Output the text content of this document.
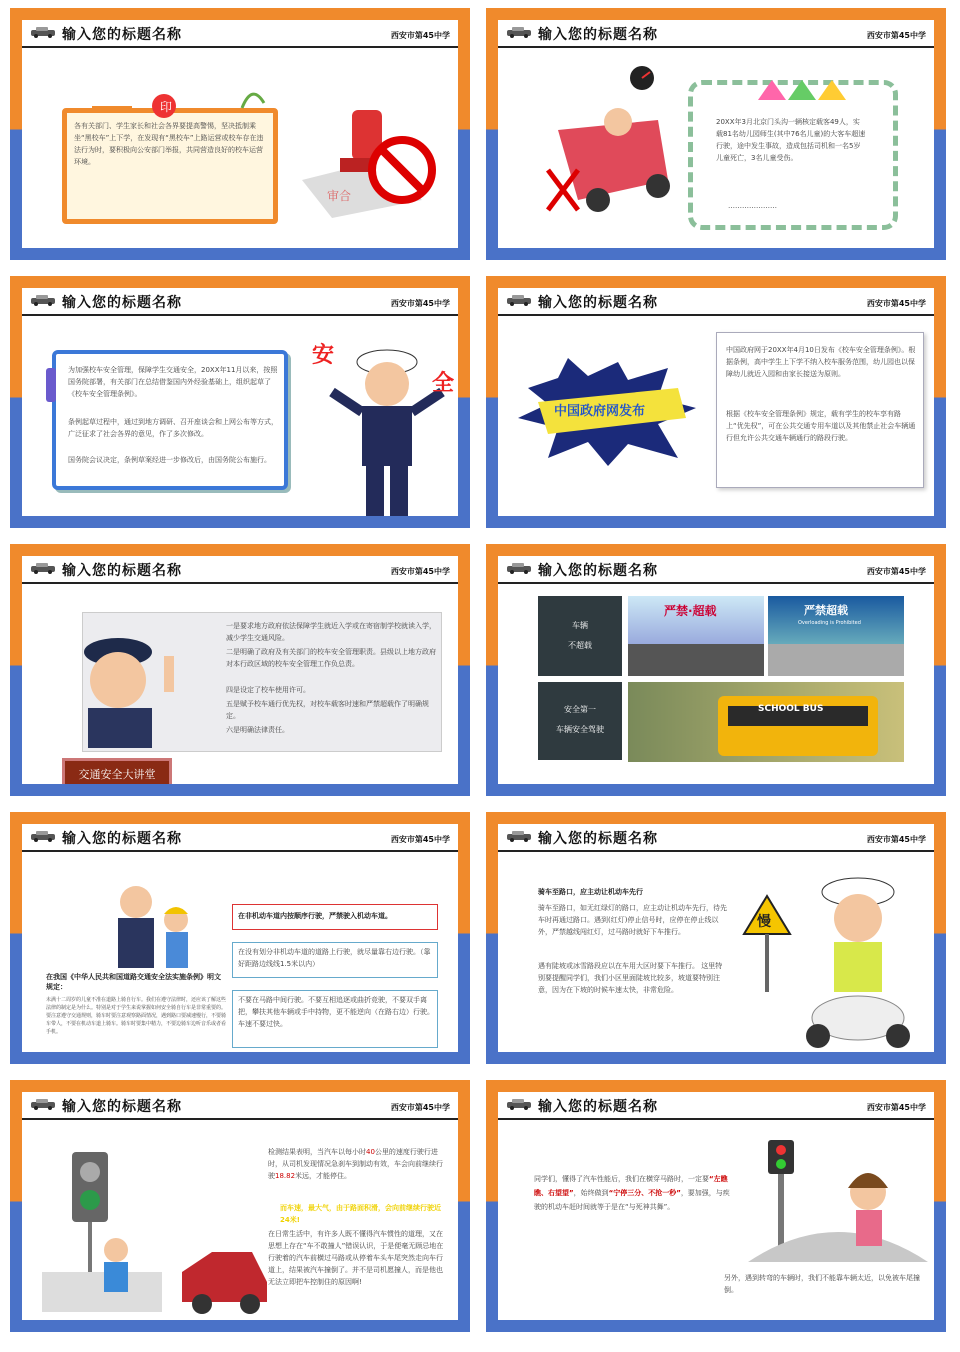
输入您的标题名称	西安市第45中学
印
各有关部门、学生家长和社会各界要提高警惕，坚决抵制乘坐“黑校车”上下学，在发现有“黑校车”上路运营或校车存在违法行为时，要积极向公安部门举报，共同营造良好的校车运营环境。
审合
输入您的标题名称	西安市第45中学
20XX年3月北京门头沟一辆核定载客49人，实载81名幼儿园师生(其中76名儿童)的大客车超速行驶，途中发生事故，造成包括司机和一名5岁儿童死亡，3名儿童受伤。
…………………
输入您的标题名称	西安市第45中学
为加强校车安全管理，保障学生交通安全，20XX年11月以来，按照国务院部署，有关部门在总结借鉴国内外经验基础上，组织起草了《校车安全管理条例》。
条例起草过程中，通过到地方调研、召开座谈会和上网公布等方式，广泛征求了社会各界的意见，作了多次修改。
国务院会议决定，条例草案经进一步修改后，由国务院公布施行。
安
全
输入您的标题名称	西安市第45中学
中国政府网发布
中国政府网于20XX年4月10日发布《校车安全管理条例》。根据条例，高中学生上下学不纳入校车服务范围，幼儿园也以保障幼儿就近入园和由家长接送为原则。
根据《校车安全管理条例》规定，载有学生的校车享有路上“优先权”，可在公共交通专用车道以及其他禁止社会车辆通行但允许公共交通车辆通行的路段行驶。
输入您的标题名称	西安市第45中学
一是要求地方政府依法保障学生就近入学或在寄宿制学校就读入学，减少学生交通风险。
二是明确了政府及有关部门的校车安全管理职责。县级以上地方政府对本行政区域的校车安全管理工作负总责。
四是设定了校车使用许可。
五是赋予校车通行优先权，对校车载客时速和严禁超载作了明确规定。
六是明确法律责任。
交通安全大讲堂
输入您的标题名称	西安市第45中学
车辆
不超载
安全第一
车辆安全驾驶
严禁·超载	严禁超载
Overloading is Prohibited
SCHOOL BUS
输入您的标题名称	西安市第45中学
在我国《中华人民共和国道路交通安全法实施条例》明文规定：
未满十二周岁的儿童不准在道路上骑自行车。我们在遵守法律时，还应该了解这些法律的制定是为什么。特别是对于学生来说掌握如何安全骑自行车是非常重要的。要注意遵守交通规则，骑车时要注意观察路面情况，遇到路口要减速慢行，不要骑车带人，不要在机动车道上骑车。骑车时要集中精力，不要边骑车边听音乐或者看手机。
在非机动车道内按顺序行驶，严禁驶入机动车道。
在没有划分非机动车道的道路上行驶，就尽量靠右边行驶。（靠好距路边线线1.5米以内）
不要在马路中间行驶。不要互相追逐或曲折竞驶，不要双手离把，攀扶其他车辆或手中持物，更不能逆向（在路右边）行驶。车速不要过快。
输入您的标题名称	西安市第45中学
骑车至路口，应主动让机动车先行
骑车至路口，如无红绿灯的路口，应主动让机动车先行，待先车时再通过路口。遇到(红灯)停止信号时，应停在停止线以外，严禁越线闯红灯，过马路时就好下车推行。
遇有陡坡或冰雪路段应以在车用大区时要下车推行。 这里特别要提醒同学们，我们小区里面陡坡比较多，坡道要特别注意，因为在下坡的时候车速太快，非常危险。
慢
输入您的标题名称	西安市第45中学
检测结果表明，当汽车以每小时40公里的速度行驶行进时，从司机发现情况急刹车到制动有效，车会向前继续行驶18.82米远，才能停住。
而车速，最大气，由于路面积滑，会向前继续行驶近24米!
在日常生活中，有许多人既不懂得汽车惯性的道理，又在思想上存在“车不敢撞人”错误认识，于是便毫无顾忌地在行驶着的汽车前横过马路或从停着车头车尾突然走向车行道上，结果被汽车撞倒了。并不是司机愿撞人，而是他也无法立即把车控制住的原因啊!
输入您的标题名称	西安市第45中学
同学们，懂得了汽车性能后，我们在横穿马路时，一定要“左瞧瞧、右望望”，始终做到“宁停三分、不抢一秒”，要加强，与疾驶的机动车赶时间就等于是在“与死神共舞”。
另外，遇到转弯的车辆时，我们不能靠车辆太近，以免被车尾撞倒。
